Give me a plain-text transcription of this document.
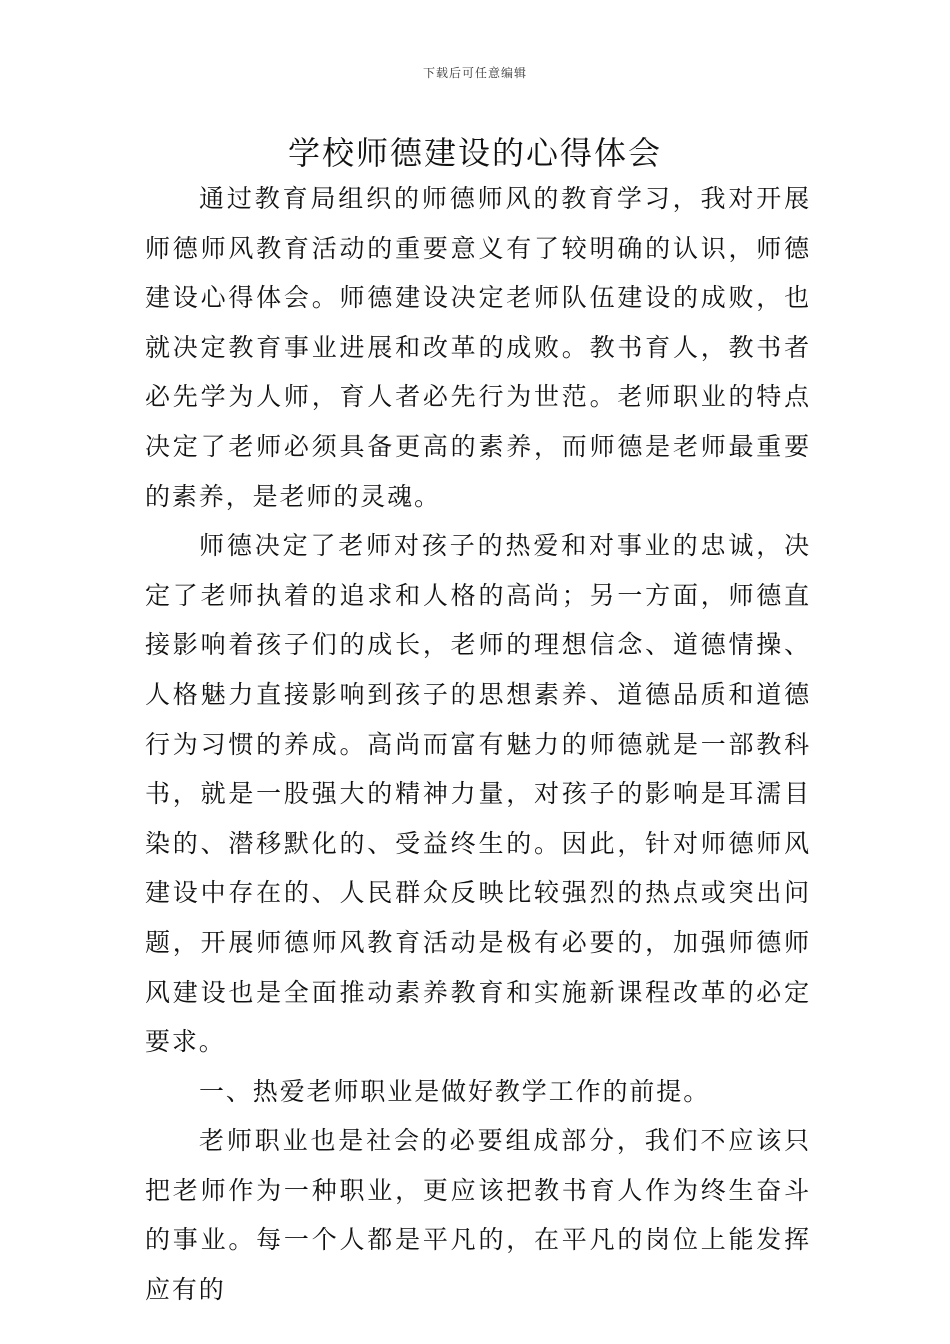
下载后可任意编辑
学校师德建设的心得体会

通过教育局组织的师德师风的教育学习，我对开展师德师风教育活动的重要意义有了较明确的认识，师德建设心得体会。师德建设决定老师队伍建设的成败，也就决定教育事业进展和改革的成败。教书育人，教书者必先学为人师，育人者必先行为世范。老师职业的特点决定了老师必须具备更高的素养，而师德是老师最重要的素养，是老师的灵魂。

师德决定了老师对孩子的热爱和对事业的忠诚，决定了老师执着的追求和人格的高尚；另一方面，师德直接影响着孩子们的成长，老师的理想信念、道德情操、人格魅力直接影响到孩子的思想素养、道德品质和道德行为习惯的养成。高尚而富有魅力的师德就是一部教科书，就是一股强大的精神力量，对孩子的影响是耳濡目染的、潜移默化的、受益终生的。因此，针对师德师风建设中存在的、人民群众反映比较强烈的热点或突出问题，开展师德师风教育活动是极有必要的，加强师德师风建设也是全面推动素养教育和实施新课程改革的必定要求。

一、热爱老师职业是做好教学工作的前提。

老师职业也是社会的必要组成部分，我们不应该只把老师作为一种职业，更应该把教书育人作为终生奋斗的事业。每一个人都是平凡的，在平凡的岗位上能发挥应有的
